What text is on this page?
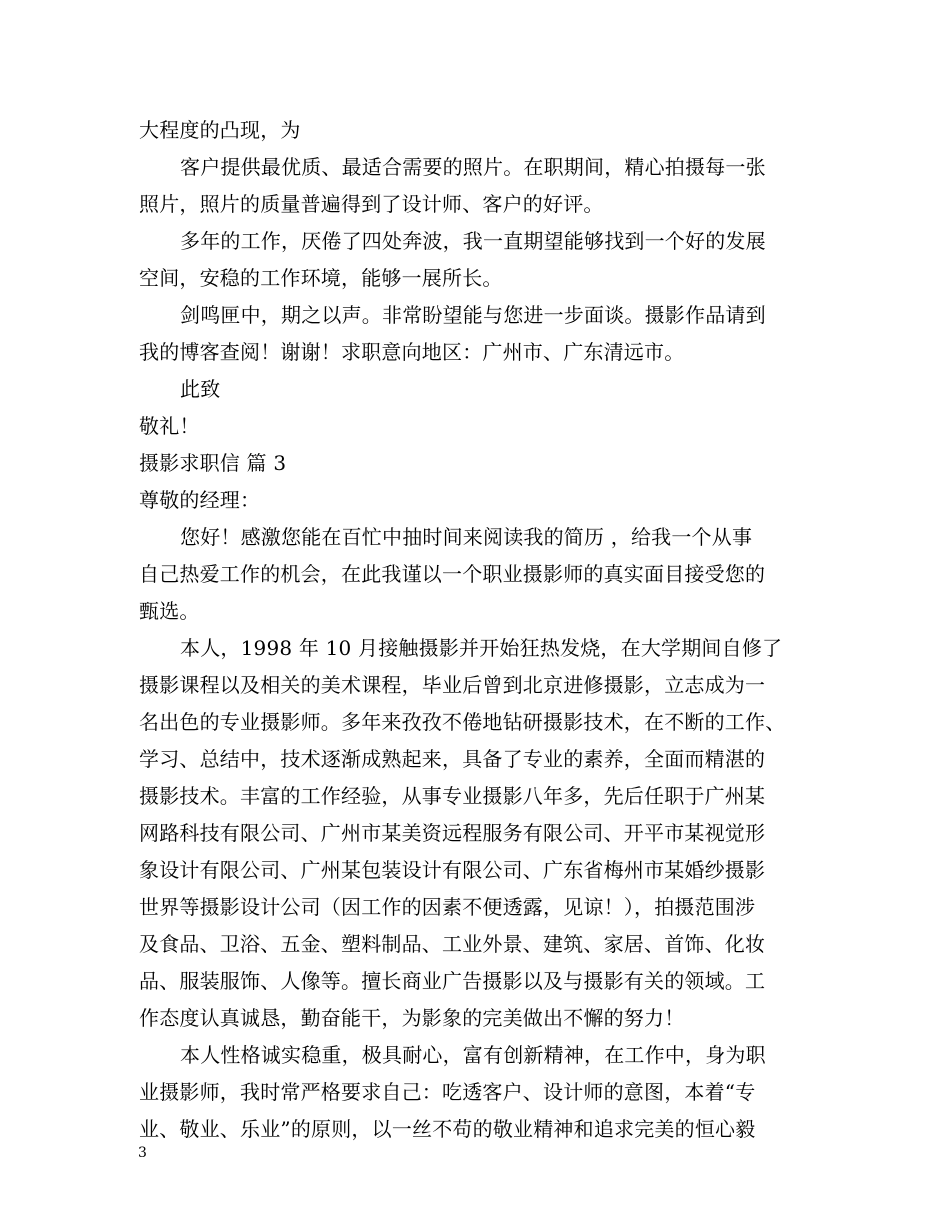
大程度的凸现，为
客户提供最优质、最适合需要的照片。在职期间，精心拍摄每一张
照片，照片的质量普遍得到了设计师、客户的好评。
多年的工作，厌倦了四处奔波，我一直期望能够找到一个好的发展
空间，安稳的工作环境，能够一展所长。
剑鸣匣中，期之以声。非常盼望能与您进一步面谈。摄影作品请到
我的博客查阅！谢谢！求职意向地区：广州市、广东清远市。
此致
敬礼！
摄影求职信 篇 3
尊敬的经理：
您好！感激您能在百忙中抽时间来阅读我的简历 ，给我一个从事
自己热爱工作的机会，在此我谨以一个职业摄影师的真实面目接受您的
甄选。
本人，1998 年 10 月接触摄影并开始狂热发烧，在大学期间自修了
摄影课程以及相关的美术课程，毕业后曾到北京进修摄影，立志成为一
名出色的专业摄影师。多年来孜孜不倦地钻研摄影技术，在不断的工作、
学习、总结中，技术逐渐成熟起来，具备了专业的素养，全面而精湛的
摄影技术。丰富的工作经验，从事专业摄影八年多，先后任职于广州某
网路科技有限公司、广州市某美资远程服务有限公司、开平市某视觉形
象设计有限公司、广州某包装设计有限公司、广东省梅州市某婚纱摄影
世界等摄影设计公司（因工作的因素不便透露，见谅！），拍摄范围涉
及食品、卫浴、五金、塑料制品、工业外景、建筑、家居、首饰、化妆
品、服装服饰、人像等。擅长商业广告摄影以及与摄影有关的领域。工
作态度认真诚恳，勤奋能干，为影象的完美做出不懈的努力！
本人性格诚实稳重，极具耐心，富有创新精神，在工作中，身为职
业摄影师，我时常严格要求自己：吃透客户、设计师的意图，本着“专
业、敬业、乐业”的原则，以一丝不苟的敬业精神和追求完美的恒心毅
3
